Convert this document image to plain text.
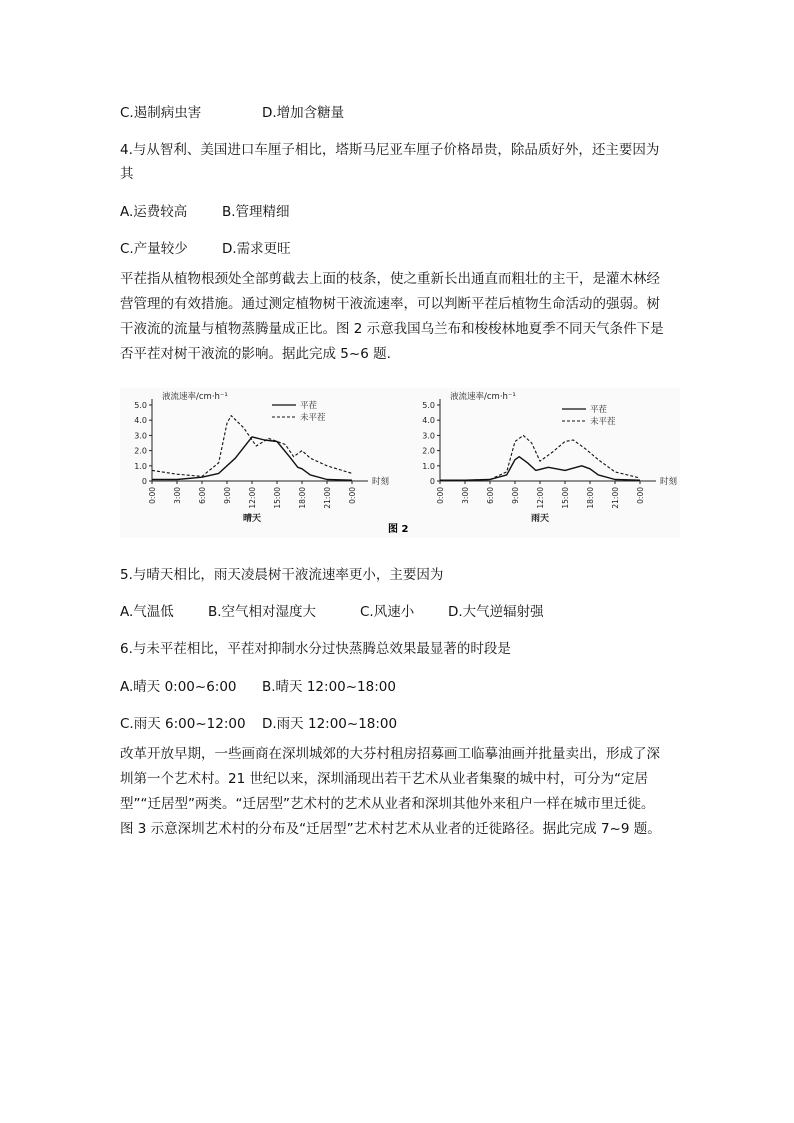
C.遏制病虫害	D.增加含糖量
4.与从智利、美国进口车厘子相比，塔斯马尼亚车厘子价格昂贵，除品质好外，还主要因为
其
A.运费较高	B.管理精细
C.产量较少	D.需求更旺
平茬指从植物根颈处全部剪截去上面的枝条，使之重新长出通直而粗壮的主干，是灌木林经
营管理的有效措施。通过测定植物树干液流速率，可以判断平茬后植物生命活动的强弱。树
干液流的流量与植物蒸腾量成正比。图 2 示意我国乌兰布和梭梭林地夏季不同天气条件下是
否平茬对树干液流的影响。据此完成 5~6 题.
0
1.0
2.0
3.0
4.0
5.0
0:00 3:00 6:00 9:00 12:00 15:00 18:00 21:00 0:00
液流速率/cm·h⁻¹
时刻
晴天
平茬
未平茬
0
1.0
2.0
3.0
4.0
5.0
0:00 3:00 6:00 9:00 12:00 15:00 18:00 21:00 0:00
液流速率/cm·h⁻¹
时刻
雨天
平茬
未平茬
图 2
5.与晴天相比，雨天凌晨树干液流速率更小，主要因为
A.气温低	B.空气相对湿度大	C.风速小	D.大气逆辐射强
6.与未平茬相比，平茬对抑制水分过快蒸腾总效果最显著的时段是
A.晴天 0:00~6:00 B.晴天 12:00~18:00
C.雨天 6:00~12:00 D.雨天 12:00~18:00
改革开放早期，一些画商在深圳城郊的大芬村租房招募画工临摹油画并批量卖出，形成了深
圳第一个艺术村。21 世纪以来，深圳涌现出若干艺术从业者集聚的城中村，可分为“定居
型”“迁居型”两类。“迁居型”艺术村的艺术从业者和深圳其他外来租户一样在城市里迁徙。
图 3 示意深圳艺术村的分布及“迁居型”艺术村艺术从业者的迁徙路径。据此完成 7~9 题。
